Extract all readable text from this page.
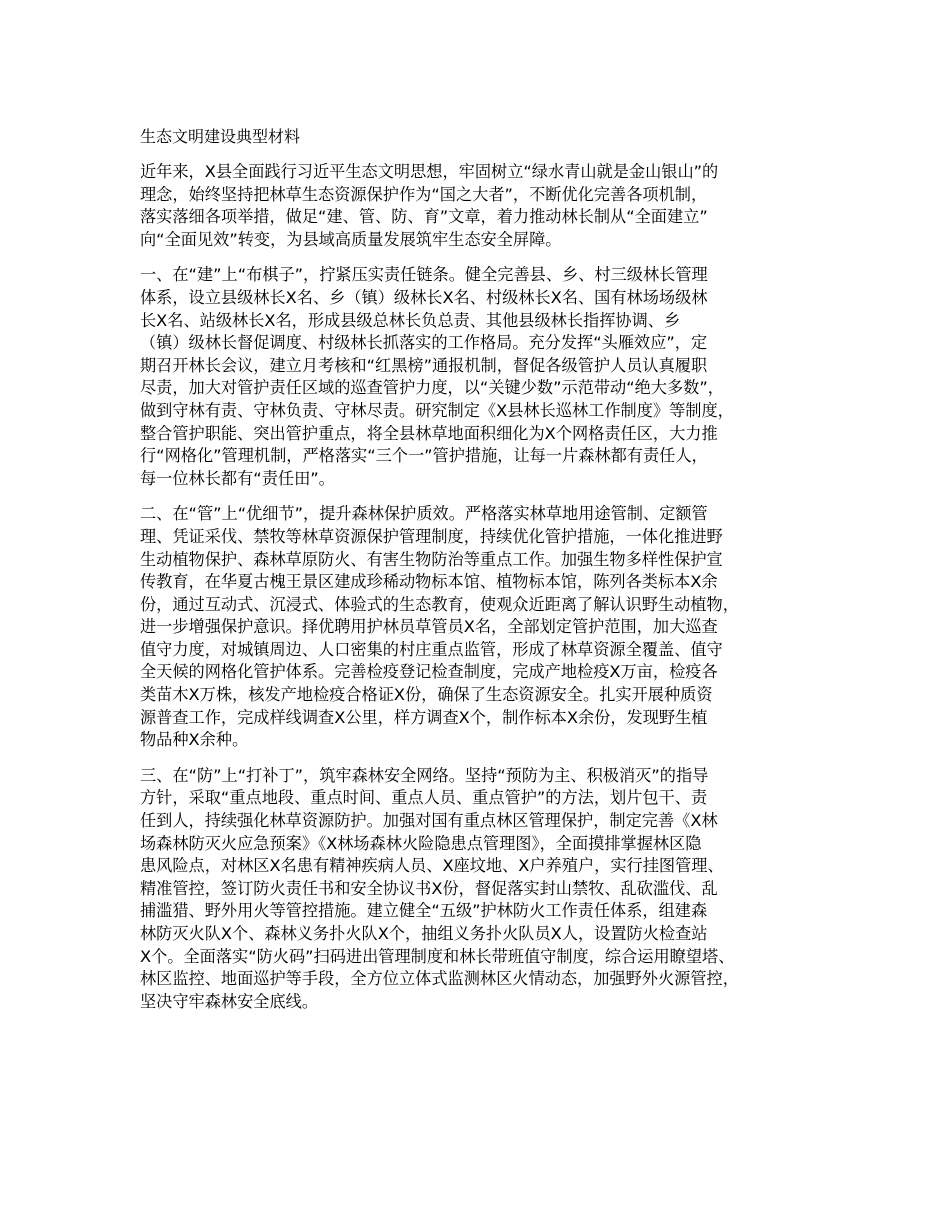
生态文明建设典型材料
近年来，X县全面践行习近平生态文明思想，牢固树立“绿水青山就是金山银山”的
理念，始终坚持把林草生态资源保护作为“国之大者”，不断优化完善各项机制，
落实落细各项举措，做足“建、管、防、育”文章，着力推动林长制从“全面建立”
向“全面见效”转变，为县域高质量发展筑牢生态安全屏障。
一、在“建”上“布棋子”，拧紧压实责任链条。健全完善县、乡、村三级林长管理
体系，设立县级林长X名、乡（镇）级林长X名、村级林长X名、国有林场场级林
长X名、站级林长X名，形成县级总林长负总责、其他县级林长指挥协调、乡
（镇）级林长督促调度、村级林长抓落实的工作格局。充分发挥“头雁效应”，定
期召开林长会议，建立月考核和“红黑榜”通报机制，督促各级管护人员认真履职
尽责，加大对管护责任区域的巡查管护力度，以“关键少数”示范带动“绝大多数”，
做到守林有责、守林负责、守林尽责。研究制定《X县林长巡林工作制度》等制度，
整合管护职能、突出管护重点，将全县林草地面积细化为X个网格责任区，大力推
行“网格化”管理机制，严格落实“三个一”管护措施，让每一片森林都有责任人，
每一位林长都有“责任田”。
二、在“管”上“优细节”，提升森林保护质效。严格落实林草地用途管制、定额管
理、凭证采伐、禁牧等林草资源保护管理制度，持续优化管护措施，一体化推进野
生动植物保护、森林草原防火、有害生物防治等重点工作。加强生物多样性保护宣
传教育，在华夏古槐王景区建成珍稀动物标本馆、植物标本馆，陈列各类标本X余
份，通过互动式、沉浸式、体验式的生态教育，使观众近距离了解认识野生动植物，
进一步增强保护意识。择优聘用护林员草管员X名，全部划定管护范围，加大巡查
值守力度，对城镇周边、人口密集的村庄重点监管，形成了林草资源全覆盖、值守
全天候的网格化管护体系。完善检疫登记检查制度，完成产地检疫X万亩，检疫各
类苗木X万株，核发产地检疫合格证X份，确保了生态资源安全。扎实开展种质资
源普查工作，完成样线调查X公里，样方调查X个，制作标本X余份，发现野生植
物品种X余种。
三、在“防”上“打补丁”，筑牢森林安全网络。坚持“预防为主、积极消灭”的指导
方针，采取“重点地段、重点时间、重点人员、重点管护”的方法，划片包干、责
任到人，持续强化林草资源防护。加强对国有重点林区管理保护，制定完善《X林
场森林防灭火应急预案》《X林场森林火险隐患点管理图》，全面摸排掌握林区隐
患风险点，对林区X名患有精神疾病人员、X座坟地、X户养殖户，实行挂图管理、
精准管控，签订防火责任书和安全协议书X份，督促落实封山禁牧、乱砍滥伐、乱
捕滥猎、野外用火等管控措施。建立健全“五级”护林防火工作责任体系，组建森
林防灭火队X个、森林义务扑火队X个，抽组义务扑火队员X人，设置防火检查站
X个。全面落实“防火码”扫码进出管理制度和林长带班值守制度，综合运用瞭望塔、
林区监控、地面巡护等手段，全方位立体式监测林区火情动态，加强野外火源管控，
坚决守牢森林安全底线。
